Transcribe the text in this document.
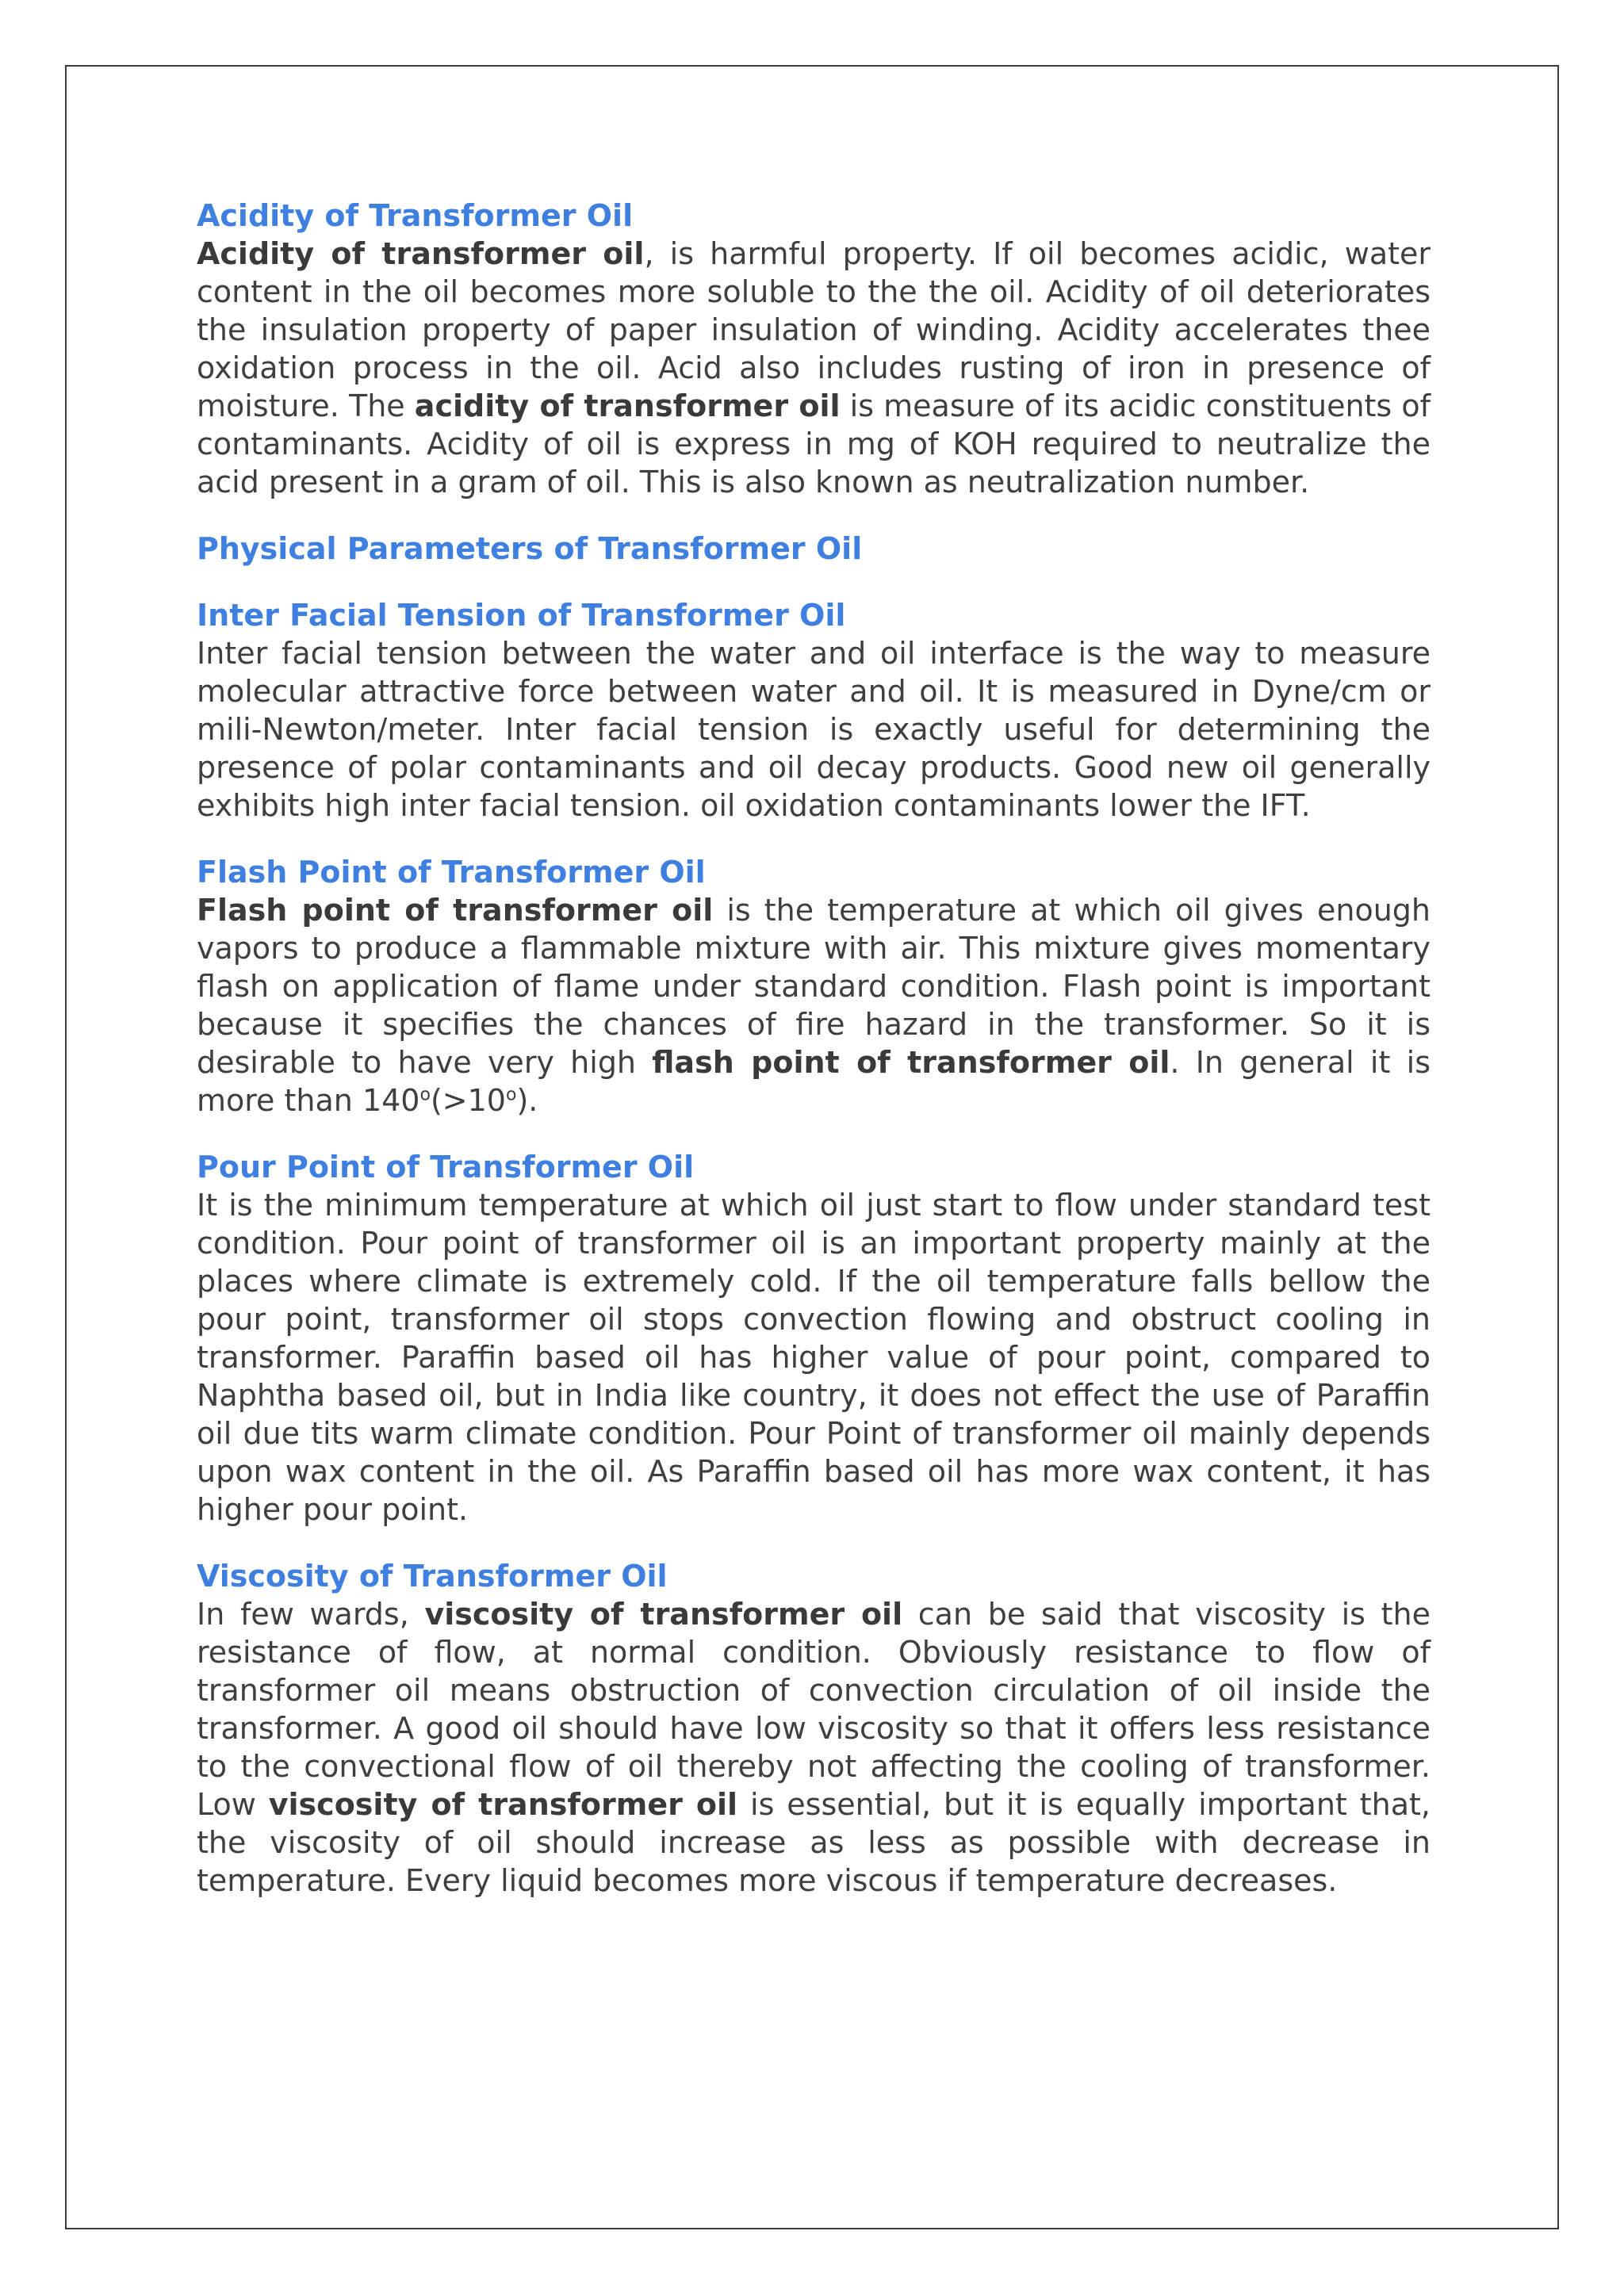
Acidity of Transformer Oil

Acidity of transformer oil, is harmful property. If oil becomes acidic, water content in the oil becomes more soluble to the the oil. Acidity of oil deteriorates the insulation property of paper insulation of winding. Acidity accelerates thee oxidation process in the oil. Acid also includes rusting of iron in presence of moisture. The acidity of transformer oil is measure of its acidic constituents of contaminants. Acidity of oil is express in mg of KOH required to neutralize the acid present in a gram of oil. This is also known as neutralization number.

Physical Parameters of Transformer Oil
Inter Facial Tension of Transformer Oil

Inter facial tension between the water and oil interface is the way to measure molecular attractive force between water and oil. It is measured in Dyne/cm or mili-Newton/meter. Inter facial tension is exactly useful for determining the presence of polar contaminants and oil decay products. Good new oil generally exhibits high inter facial tension. oil oxidation contaminants lower the IFT.

Flash Point of Transformer Oil

Flash point of transformer oil is the temperature at which oil gives enough vapors to produce a flammable mixture with air. This mixture gives momentary flash on application of flame under standard condition. Flash point is important because it specifies the chances of fire hazard in the transformer. So it is desirable to have very high flash point of transformer oil. In general it is more than $140^o(>10^o)$.

Pour Point of Transformer Oil

It is the minimum temperature at which oil just start to flow under standard test condition. Pour point of transformer oil is an important property mainly at the places where climate is extremely cold. If the oil temperature falls bellow the pour point, transformer oil stops convection flowing and obstruct cooling in transformer. Paraffin based oil has higher value of pour point, compared to Naphtha based oil, but in India like country, it does not effect the use of Paraffin oil due tits warm climate condition. Pour Point of transformer oil mainly depends upon wax content in the oil. As Paraffin based oil has more wax content, it has higher pour point.

Viscosity of Transformer Oil

In few wards, viscosity of transformer oil can be said that viscosity is the resistance of flow, at normal condition. Obviously resistance to flow of transformer oil means obstruction of convection circulation of oil inside the transformer. A good oil should have low viscosity so that it offers less resistance to the convectional flow of oil thereby not affecting the cooling of transformer. Low viscosity of transformer oil is essential, but it is equally important that, the viscosity of oil should increase as less as possible with decrease in temperature. Every liquid becomes more viscous if temperature decreases.
